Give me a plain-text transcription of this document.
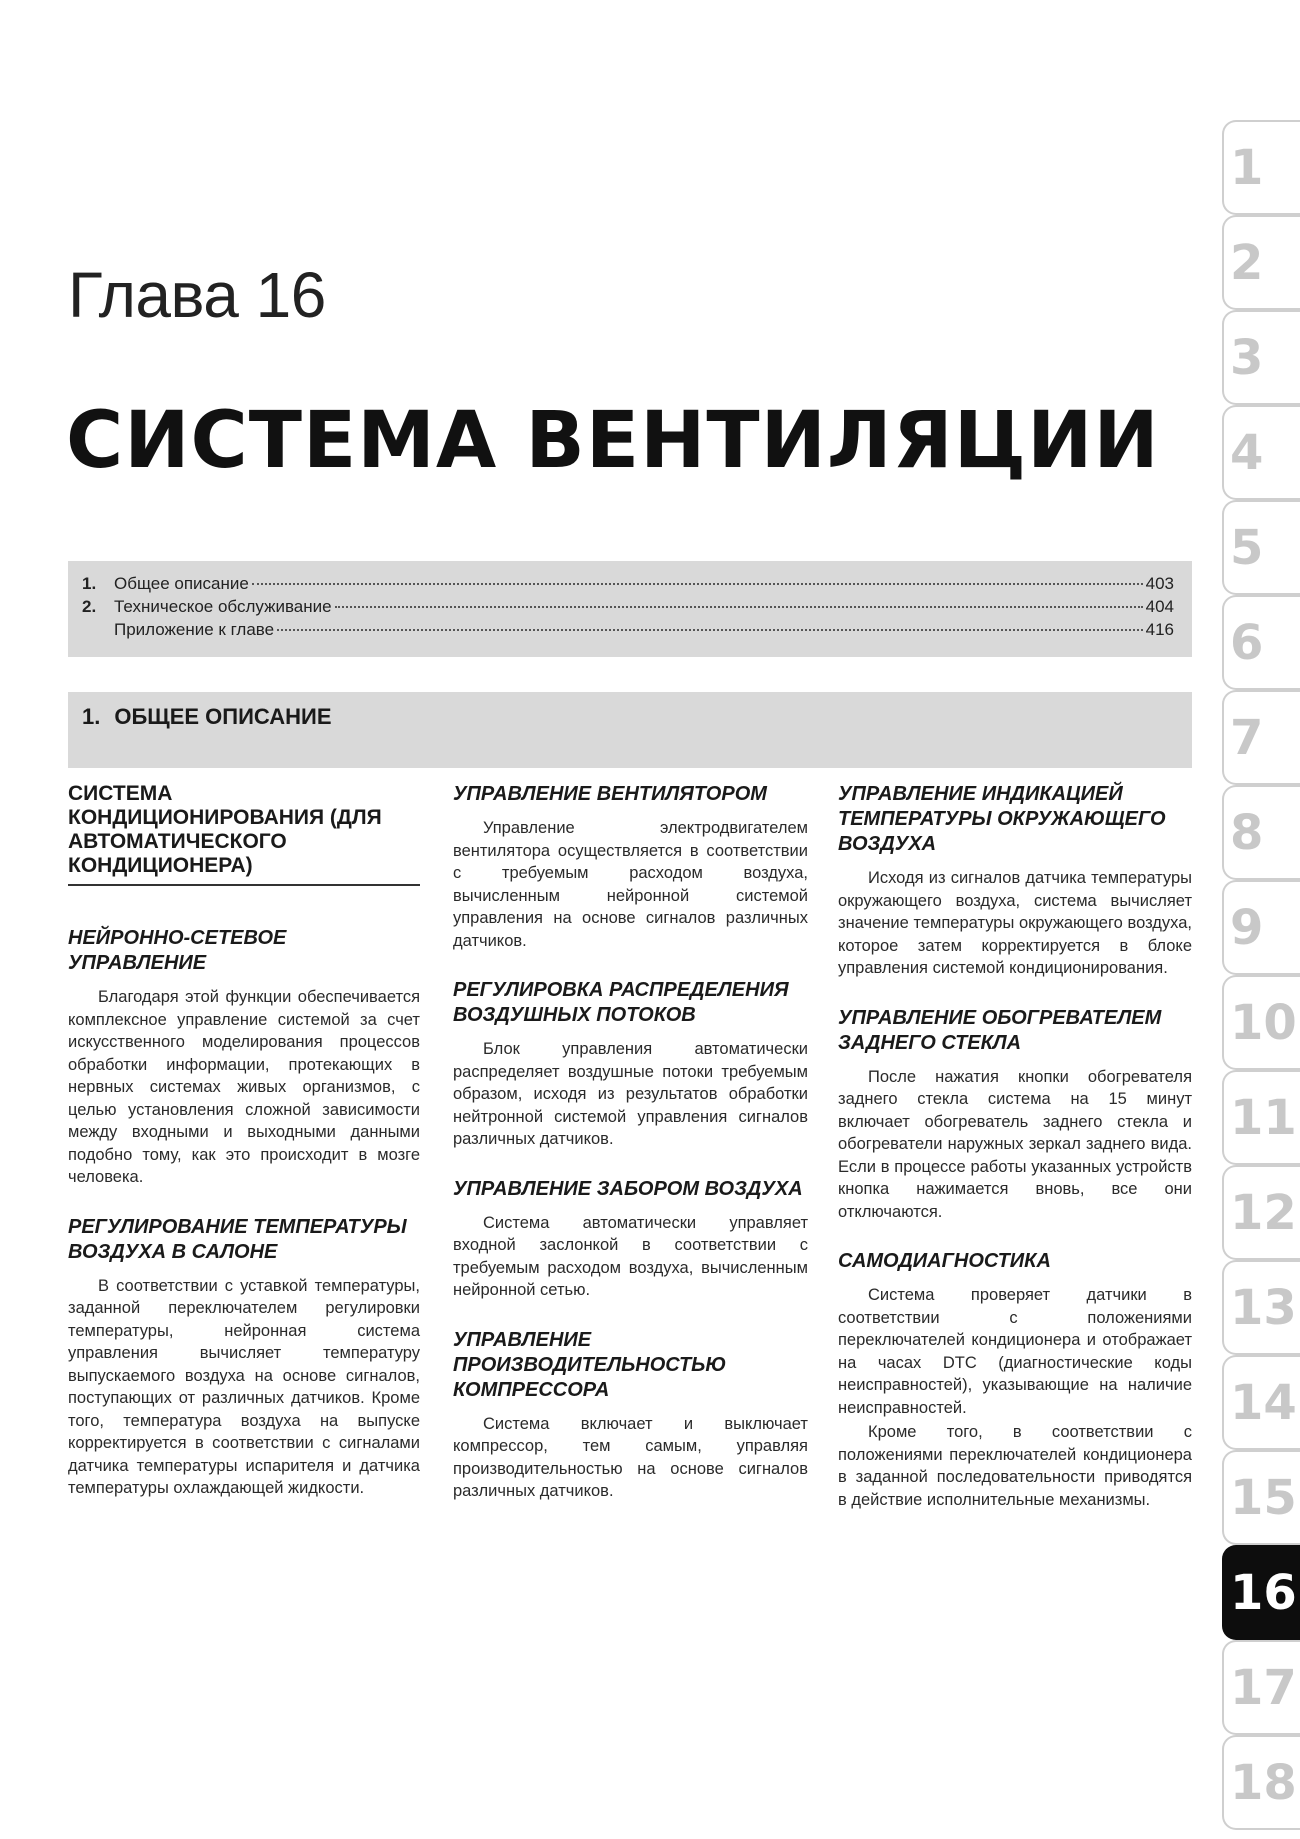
Глава 16
СИСТЕМА ВЕНТИЛЯЦИИ
1.	Общее описание	403
2.	Техническое обслуживание	404
Приложение к главе	416
1. ОБЩЕЕ ОПИСАНИЕ
СИСТЕМА КОНДИЦИОНИРОВАНИЯ (ДЛЯ АВТОМАТИЧЕСКОГО КОНДИЦИОНЕРА)
НЕЙРОННО-СЕТЕВОЕ УПРАВЛЕНИЕ

Благодаря этой функции обеспечивается комплексное управление системой за счет искусственного моделирования процессов обработки информации, протекающих в нервных системах живых организмов, с целью установления сложной зависимости между входными и выходными данными подобно тому, как это происходит в мозге человека.

РЕГУЛИРОВАНИЕ ТЕМПЕРАТУРЫ ВОЗДУХА В САЛОНЕ

В соответствии с уставкой температуры, заданной переключателем регулировки температуры, нейронная система управления вычисляет температуру выпускаемого воздуха на основе сигналов, поступающих от различных датчиков. Кроме того, температура воздуха на выпуске корректируется в соответствии с сигналами датчика температуры испарителя и датчика температуры охлаждающей жидкости.

УПРАВЛЕНИЕ ВЕНТИЛЯТОРОМ

Управление электродвигателем вентилятора осуществляется в соответствии с требуемым расходом воздуха, вычисленным нейронной системой управления на основе сигналов различных датчиков.

РЕГУЛИРОВКА РАСПРЕДЕЛЕНИЯ ВОЗДУШНЫХ ПОТОКОВ

Блок управления автоматически распределяет воздушные потоки требуемым образом, исходя из результатов обработки нейтронной системой управления сигналов различных датчиков.

УПРАВЛЕНИЕ ЗАБОРОМ ВОЗДУХА

Система автоматически управляет входной заслонкой в соответствии с требуемым расходом воздуха, вычисленным нейронной сетью.

УПРАВЛЕНИЕ ПРОИЗВОДИТЕЛЬНОСТЬЮ КОМПРЕССОРА

Система включает и выключает компрессор, тем самым, управляя производительностью на основе сигналов различных датчиков.

УПРАВЛЕНИЕ ИНДИКАЦИЕЙ ТЕМПЕРАТУРЫ ОКРУЖАЮЩЕГО ВОЗДУХА

Исходя из сигналов датчика температуры окружающего воздуха, система вычисляет значение температуры окружающего воздуха, которое затем корректируется в блоке управления системой кондиционирования.

УПРАВЛЕНИЕ ОБОГРЕВАТЕЛЕМ ЗАДНЕГО СТЕКЛА

После нажатия кнопки обогревателя заднего стекла система на 15 минут включает обогреватель заднего стекла и обогреватели наружных зеркал заднего вида. Если в процессе работы указанных устройств кнопка нажимается вновь, все они отключаются.

САМОДИАГНОСТИКА

Система проверяет датчики в соответствии с положениями переключателей кондиционера и отображает на часах DTC (диагностические коды неисправностей), указывающие на наличие неисправностей.

Кроме того, в соответствии с положениями переключателей кондиционера в заданной последовательности приводятся в действие исполнительные механизмы.

1
2
3
4
5
6
7
8
9
10
11
12
13
14
15
16
17
18
